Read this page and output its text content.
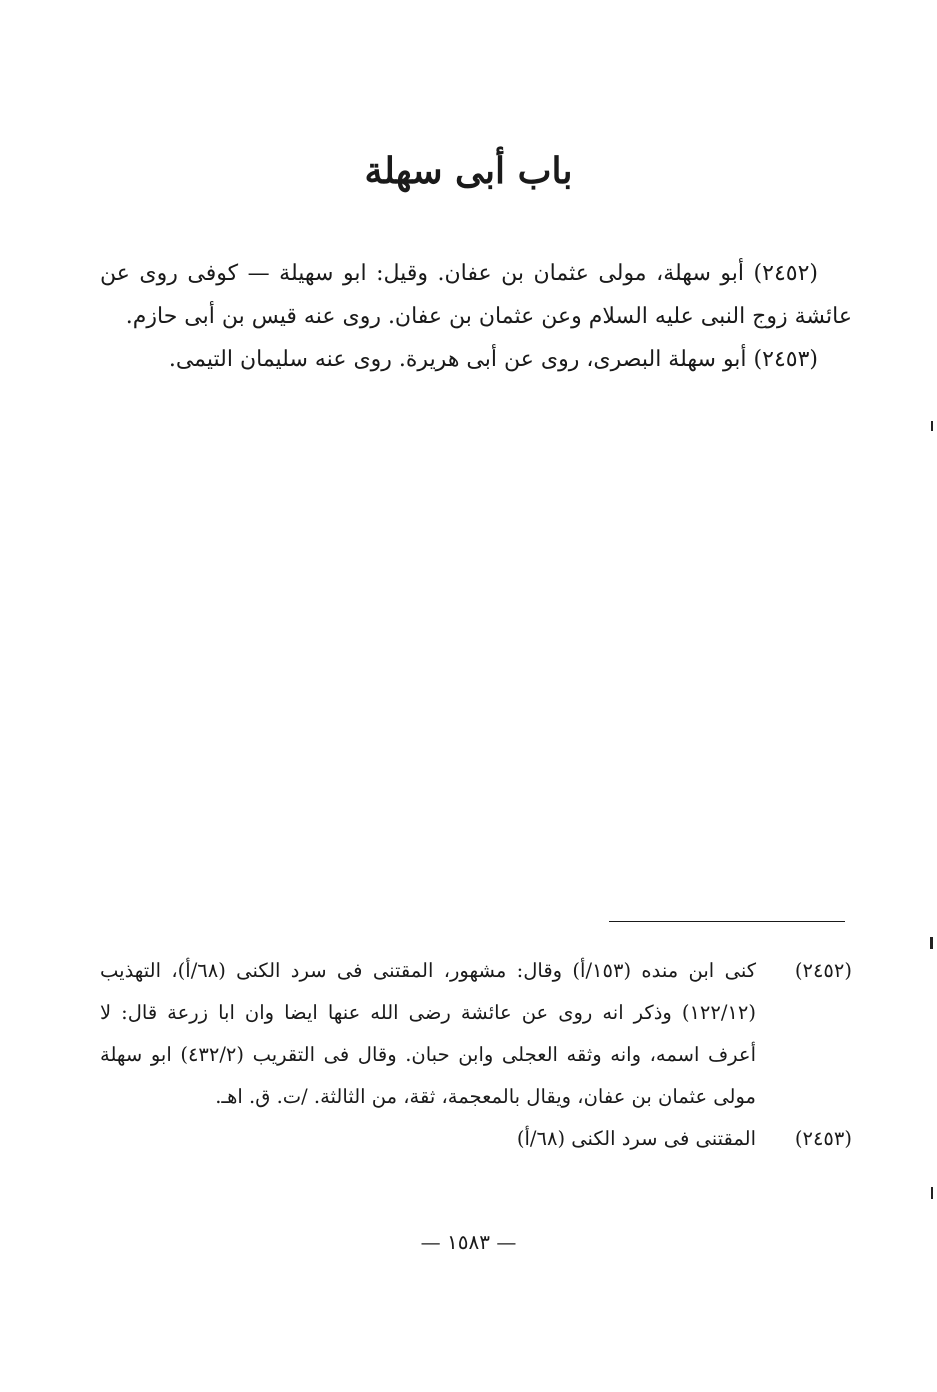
باب أبى سهلة

(٢٤٥٢) أبو سهلة، مولى عثمان بن عفان. وقيل: ابو سهيلة — كوفى روى عن عائشة زوج النبى عليه السلام وعن عثمان بن عفان. روى عنه قيس بن أبى حازم.

(٢٤٥٣) أبو سهلة البصرى، روى عن أبى هريرة. روى عنه سليمان التيمى.

(٢٤٥٢)
كنى ابن منده (١٥٣/أ) وقال: مشهور، المقتنى فى سرد الكنى (٦٨/أ)، التهذيب (١٢٢/١٢) وذكر انه روى عن عائشة رضى الله عنها ايضا وان ابا زرعة قال: لا أعرف اسمه، وانه وثقه العجلى وابن حبان. وقال فى التقريب (٤٣٢/٢) ابو سهلة مولى عثمان بن عفان، ويقال بالمعجمة، ثقة، من الثالثة. /ت. ق. اهـ.
(٢٤٥٣)
المقتنى فى سرد الكنى (٦٨/أ)
— ١٥٨٣ —
